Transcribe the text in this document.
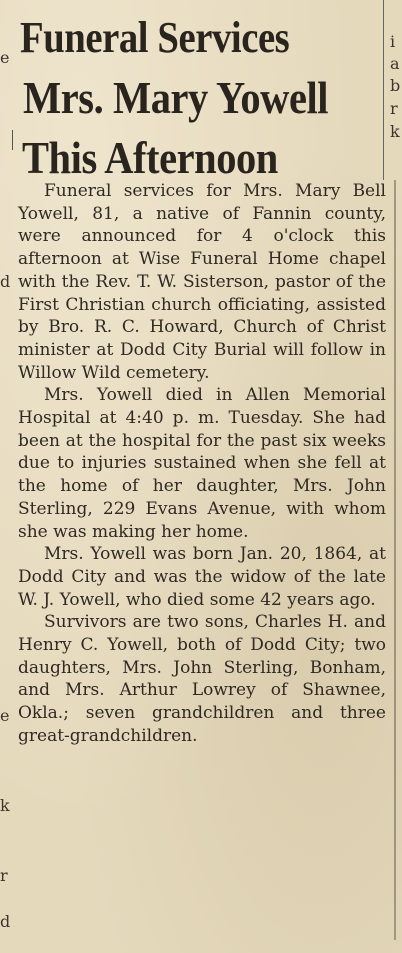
e
d
e
k
r
d
i
a
b
r
k
Funeral Services
Mrs. Mary Yowell
This Afternoon

Funeral services for Mrs. Mary Bell Yowell, 81, a native of Fannin county, were announced for 4 o'clock this afternoon at Wise Funeral Home chapel with the Rev. T. W. Sisterson, pastor of the First Christian church officiating, assisted by Bro. R. C. Howard, Church of Christ minister at Dodd City Burial will follow in Willow Wild cemetery.

Mrs. Yowell died in Allen Memorial Hospital at 4:40 p. m. Tuesday. She had been at the hospital for the past six weeks due to injuries sustained when she fell at the home of her daughter, Mrs. John Sterling, 229 Evans Avenue, with whom she was making her home.

Mrs. Yowell was born Jan. 20, 1864, at Dodd City and was the widow of the late W. J. Yowell, who died some 42 years ago.

Survivors are two sons, Charles H. and Henry C. Yowell, both of Dodd City; two daughters, Mrs. John Sterling, Bonham, and Mrs. Arthur Lowrey of Shawnee, Okla.; seven grandchildren and three great-grandchildren.
